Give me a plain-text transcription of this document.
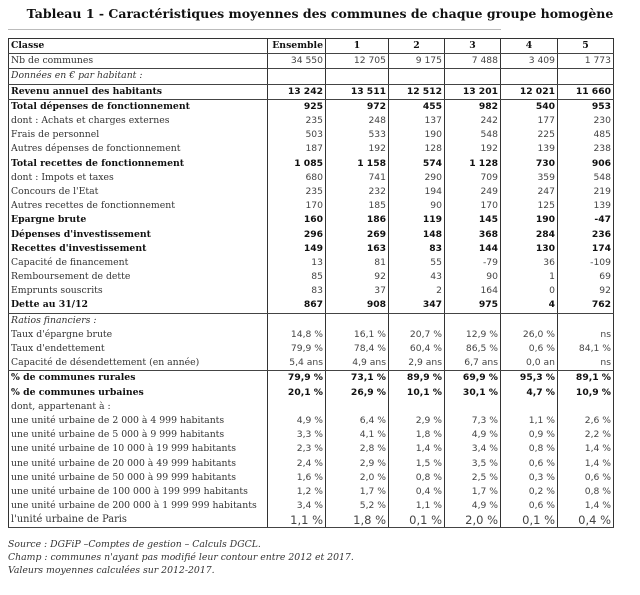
Tableau 1 - Caractéristiques moyennes des communes de chaque groupe homogène
Classe	Ensemble	1	2	3	4	5
Nb de communes	34 550	12 705	9 175	7 488	3 409	1 773
Données en € par habitant :						
Revenu annuel des habitants	13 242	13 511	12 512	13 201	12 021	11 660
Total dépenses de fonctionnement	925	972	455	982	540	953
dont : Achats et charges externes	235	248	137	242	177	230
Frais de personnel	503	533	190	548	225	485
Autres dépenses de fonctionnement	187	192	128	192	139	238
Total recettes de fonctionnement	1 085	1 158	574	1 128	730	906
dont : Impots et taxes	680	741	290	709	359	548
Concours de l'Etat	235	232	194	249	247	219
Autres recettes de fonctionnement	170	185	90	170	125	139
Epargne brute	160	186	119	145	190	-47
Dépenses d'investissement	296	269	148	368	284	236
Recettes d'investissement	149	163	83	144	130	174
Capacité de financement	13	81	55	-79	36	-109
Remboursement de dette	85	92	43	90	1	69
Emprunts souscrits	83	37	2	164	0	92
Dette au 31/12	867	908	347	975	4	762
Ratios financiers :						
Taux d'épargne brute	14,8 %	16,1 %	20,7 %	12,9 %	26,0 %	ns
Taux d'endettement	79,9 %	78,4 %	60,4 %	86,5 %	0,6 %	84,1 %
Capacité de désendettement (en année)	5,4 ans	4,9 ans	2,9 ans	6,7 ans	0,0 an	ns
% de communes rurales	79,9 %	73,1 %	89,9 %	69,9 %	95,3 %	89,1 %
% de communes urbaines	20,1 %	26,9 %	10,1 %	30,1 %	4,7 %	10,9 %
dont, appartenant à :						
une unité urbaine de 2 000 à 4 999 habitants	4,9 %	6,4 %	2,9 %	7,3 %	1,1 %	2,6 %
une unité urbaine de 5 000 à 9 999 habitants	3,3 %	4,1 %	1,8 %	4,9 %	0,9 %	2,2 %
une unité urbaine de 10 000 à 19 999 habitants	2,3 %	2,8 %	1,4 %	3,4 %	0,8 %	1,4 %
une unité urbaine de 20 000 à 49 999 habitants	2,4 %	2,9 %	1,5 %	3,5 %	0,6 %	1,4 %
une unité urbaine de 50 000 à 99 999 habitants	1,6 %	2,0 %	0,8 %	2,5 %	0,3 %	0,6 %
une unité urbaine de 100 000 à 199 999 habitants	1,2 %	1,7 %	0,4 %	1,7 %	0,2 %	0,8 %
une unité urbaine de 200 000 à 1 999 999 habitants	3,4 %	5,2 %	1,1 %	4,9 %	0,6 %	1,4 %
l'unité urbaine de Paris	1,1 %	1,8 %	0,1 %	2,0 %	0,1 %	0,4 %
Source : DGFiP –Comptes de gestion – Calculs DGCL.
Champ : communes n'ayant pas modifié leur contour entre 2012 et 2017.
Valeurs moyennes calculées sur 2012-2017.
